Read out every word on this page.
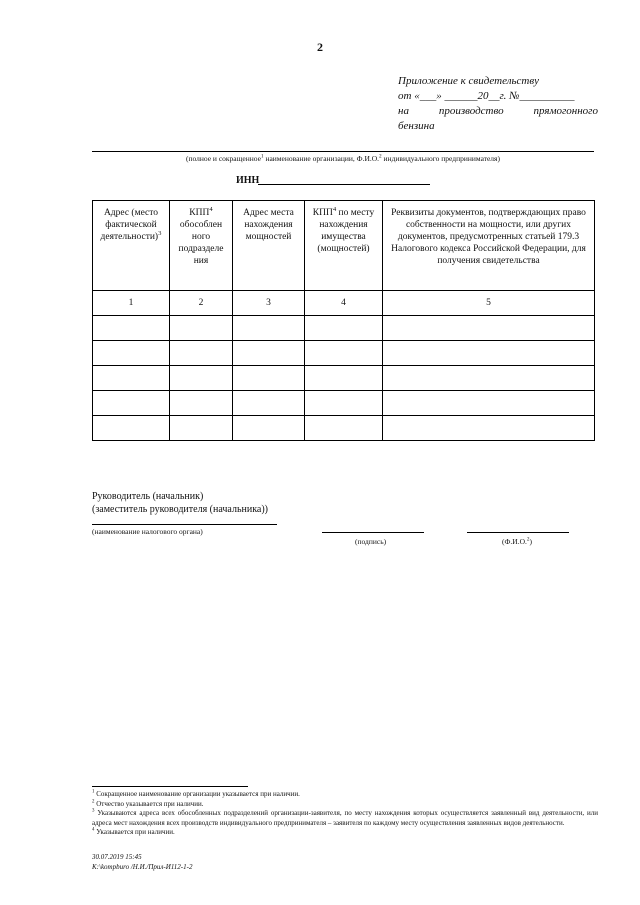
2
Приложение к свидетельству
от «___» ______20__г. №__________
на	производство	прямогонного
бензина
(полное и сокращенное$^1$ наименование организации, Ф.И.О.$^2$ индивидуального предпринимателя)
ИНН
Адрес (место фактической деятельности)$^3$	КПП$^4$ обособлен ного подразделе ния	Адрес места нахождения мощностей	КПП$^4$ по месту нахождения имущества (мощностей)	Реквизиты документов, подтверждающих право собственности на мощности, или других документов, предусмотренных статьей 179.3 Налогового кодекса Российской Федерации, для получения свидетельства
1	2	3	4	5

Руководитель (начальник)
(заместитель руководителя (начальника))
(наименование налогового органа)
(подпись)	(Ф.И.О.$^2$)

$^1$ Сокращенное наименование организации указывается при наличии.

$^2$ Отчество указывается при наличии.

$^3$ Указываются адреса всех обособленных подразделений организации-заявителя, по месту нахождения которых осуществляется заявленный вид деятельности, или адреса мест нахождения всех производств индивидуального предпринимателя – заявителя по каждому месту осуществления заявленных видов деятельности.

$^4$ Указывается при наличии.

30.07.2019 15:45
K:\kompburo /Н.И./Прил-И112-1-2
